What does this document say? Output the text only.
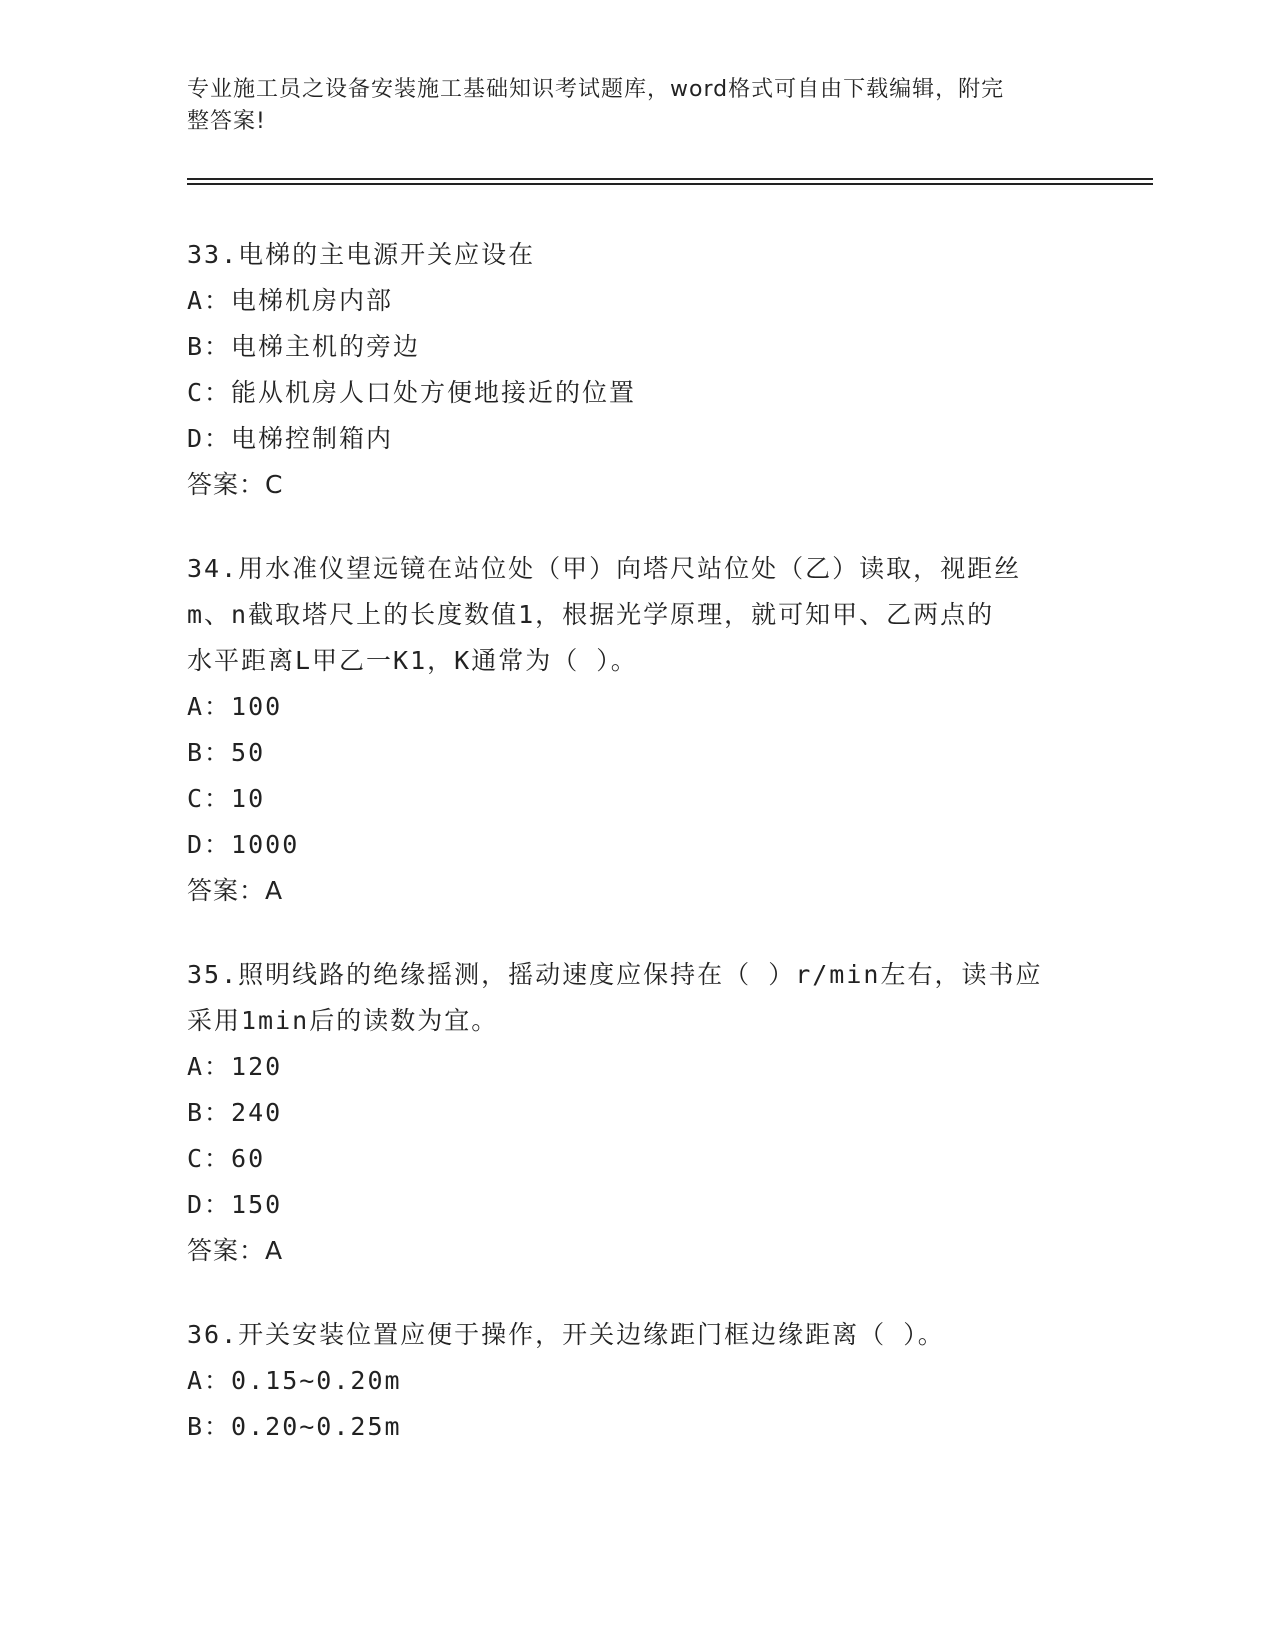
专业施工员之设备安装施工基础知识考试题库，word格式可自由下载编辑，附完
整答案!
33.电梯的主电源开关应设在
A：电梯机房内部
B：电梯主机的旁边
C：能从机房人口处方便地接近的位置
D：电梯控制箱内
答案：C
34.用水准仪望远镜在站位处（甲）向塔尺站位处（乙）读取，视距丝
m、n截取塔尺上的长度数值1，根据光学原理，就可知甲、乙两点的
水平距离L甲乙一K1，K通常为（ ）。
A：100
B：50
C：10
D：1000
答案：A
35.照明线路的绝缘摇测，摇动速度应保持在（ ）r/min左右，读书应
采用1min后的读数为宜。
A：120
B：240
C：60
D：150
答案：A
36.开关安装位置应便于操作，开关边缘距门框边缘距离（ ）。
A：0.15~0.20m
B：0.20~0.25m
